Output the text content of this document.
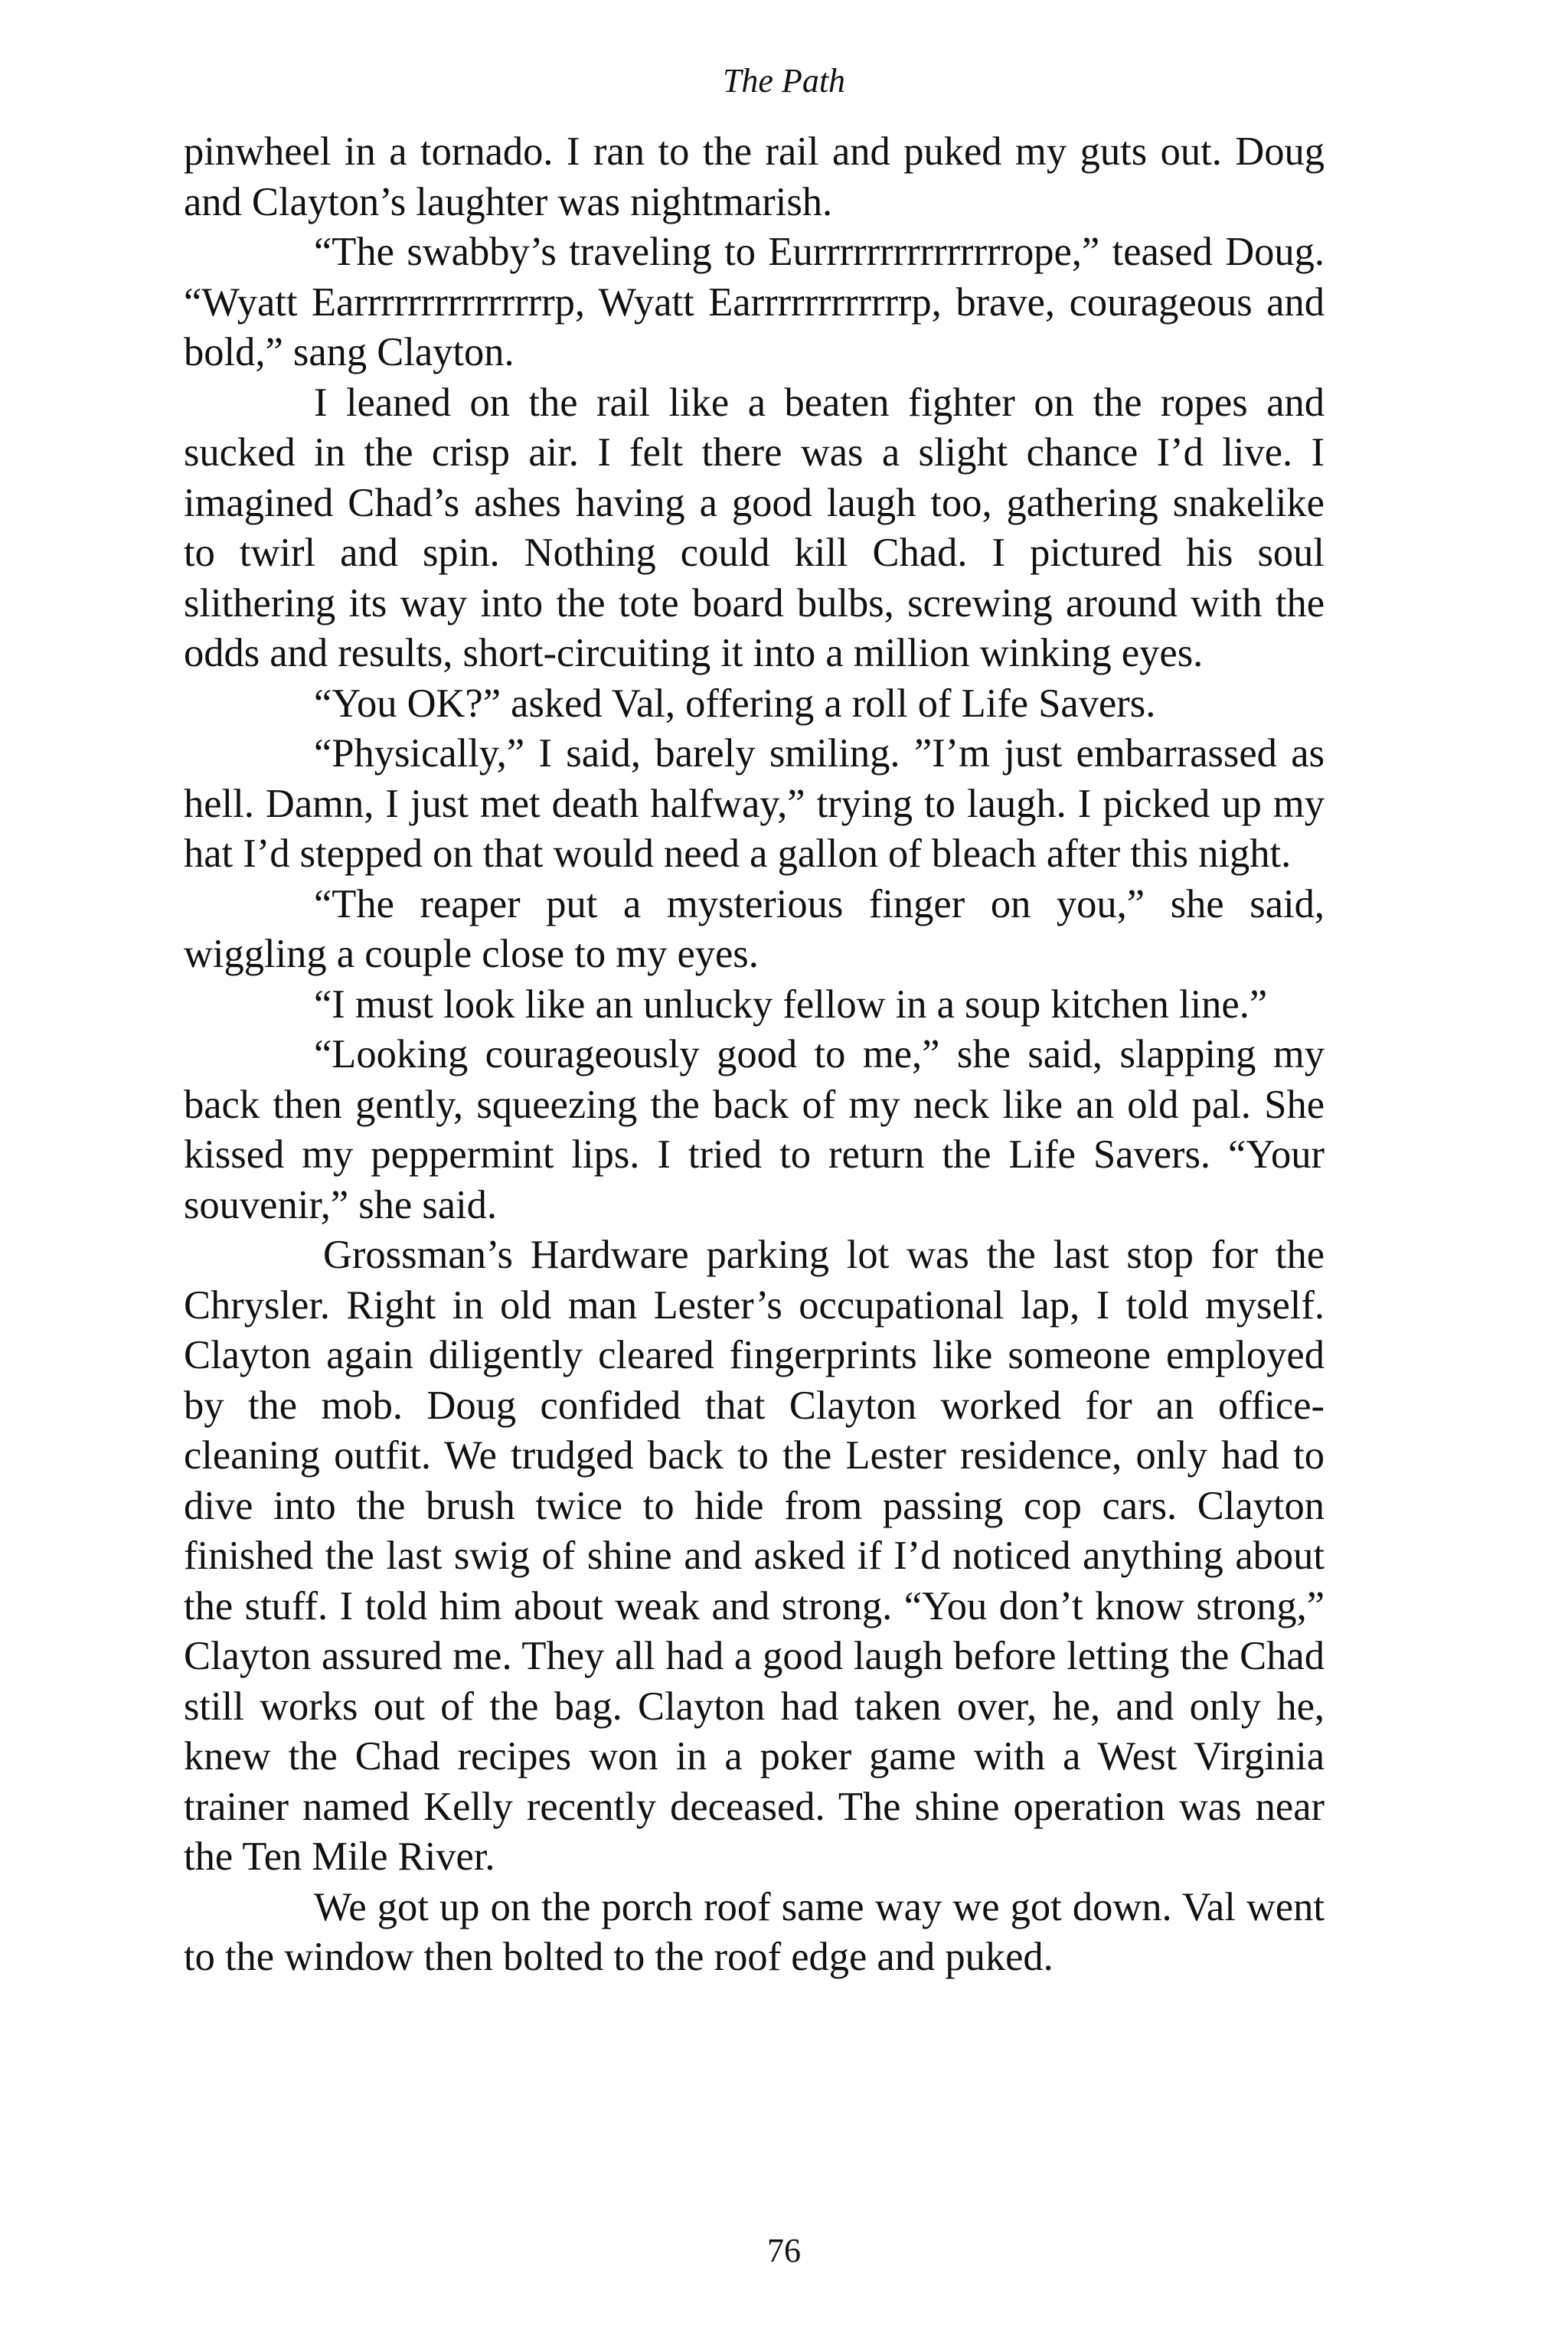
The Path

pinwheel in a tornado. I ran to the rail and puked my guts out. Doug and Clayton’s laughter was nightmarish.

“The swabby’s traveling to Eurrrrrrrrrrrrrrrope,” teased Doug. “Wyatt Earrrrrrrrrrrrrrrp, Wyatt Earrrrrrrrrrrrp, brave, courageous and bold,” sang Clayton.

I leaned on the rail like a beaten fighter on the ropes and sucked in the crisp air. I felt there was a slight chance I’d live. I imagined Chad’s ashes having a good laugh too, gathering snakelike to twirl and spin. Nothing could kill Chad. I pictured his soul slithering its way into the tote board bulbs, screwing around with the odds and results, short-circuiting it into a million winking eyes.

“You OK?” asked Val, offering a roll of Life Savers.

“Physically,” I said, barely smiling. ”I’m just embarrassed as hell. Damn, I just met death halfway,” trying to laugh. I picked up my hat I’d stepped on that would need a gallon of bleach after this night.

“The reaper put a mysterious finger on you,” she said, wiggling a couple close to my eyes.

“I must look like an unlucky fellow in a soup kitchen line.”

“Looking courageously good to me,” she said, slapping my back then gently, squeezing the back of my neck like an old pal. She kissed my peppermint lips. I tried to return the Life Savers. “Your souvenir,” she said.

Grossman’s Hardware parking lot was the last stop for the Chrysler. Right in old man Lester’s occupational lap, I told myself. Clayton again diligently cleared fingerprints like someone employed by the mob. Doug confided that Clayton worked for an office- cleaning outfit. We trudged back to the Lester residence, only had to dive into the brush twice to hide from passing cop cars. Clayton finished the last swig of shine and asked if I’d noticed anything about the stuff. I told him about weak and strong. “You don’t know strong,” Clayton assured me. They all had a good laugh before letting the Chad still works out of the bag. Clayton had taken over, he, and only he, knew the Chad recipes won in a poker game with a West Virginia trainer named Kelly recently deceased. The shine operation was near the Ten Mile River.

We got up on the porch roof same way we got down. Val went to the window then bolted to the roof edge and puked.

76
